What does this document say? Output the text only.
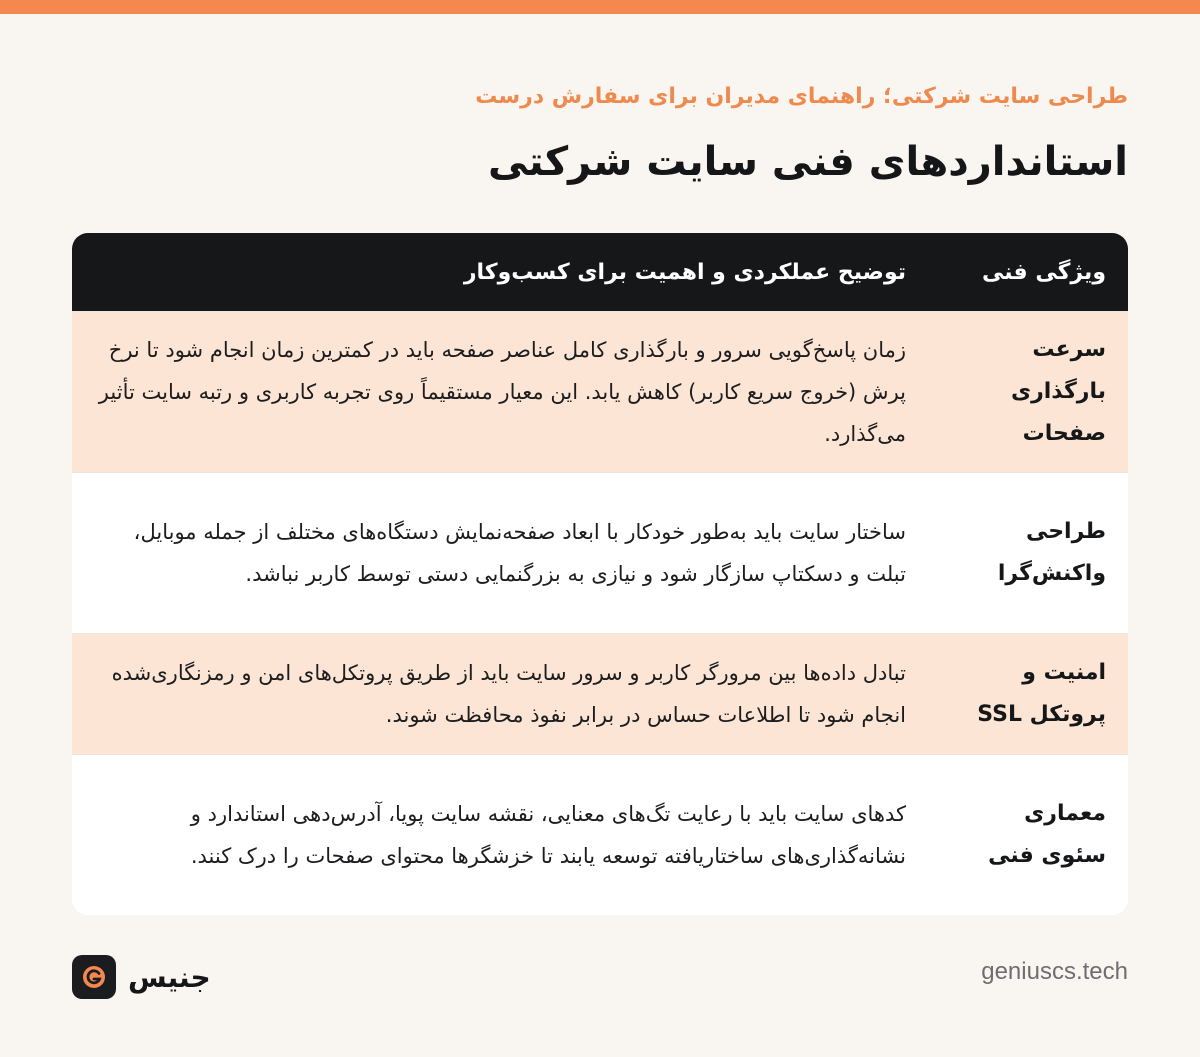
طراحی سایت شرکتی؛ راهنمای مدیران برای سفارش درست

استانداردهای فنی سایت شرکتی
ویژگی فنی
توضیح عملکردی و اهمیت برای کسب‌وکار
سرعت بارگذاری صفحات
زمان پاسخ‌گویی سرور و بارگذاری کامل عناصر صفحه باید در کمترین زمان انجام شود تا نرخ پرش (خروج سریع کاربر) کاهش یابد. این معیار مستقیماً روی تجربه کاربری و رتبه سایت تأثیر می‌گذارد.
طراحی واکنش‌گرا
ساختار سایت باید به‌طور خودکار با ابعاد صفحه‌نمایش دستگاه‌های مختلف از جمله موبایل، تبلت و دسکتاپ سازگار شود و نیازی به بزرگنمایی دستی توسط کاربر نباشد.
امنیت و پروتکل SSL
تبادل داده‌ها بین مرورگر کاربر و سرور سایت باید از طریق پروتکل‌های امن و رمزنگاری‌شده انجام شود تا اطلاعات حساس در برابر نفوذ محافظت شوند.
معماری سئوی فنی
کدهای سایت باید با رعایت تگ‌های معنایی، نقشه سایت پویا، آدرس‌دهی استاندارد و نشانه‌گذاری‌های ساختاریافته توسعه یابند تا خزشگرها محتوای صفحات را درک کنند.
جنیس	geniuscs.tech
